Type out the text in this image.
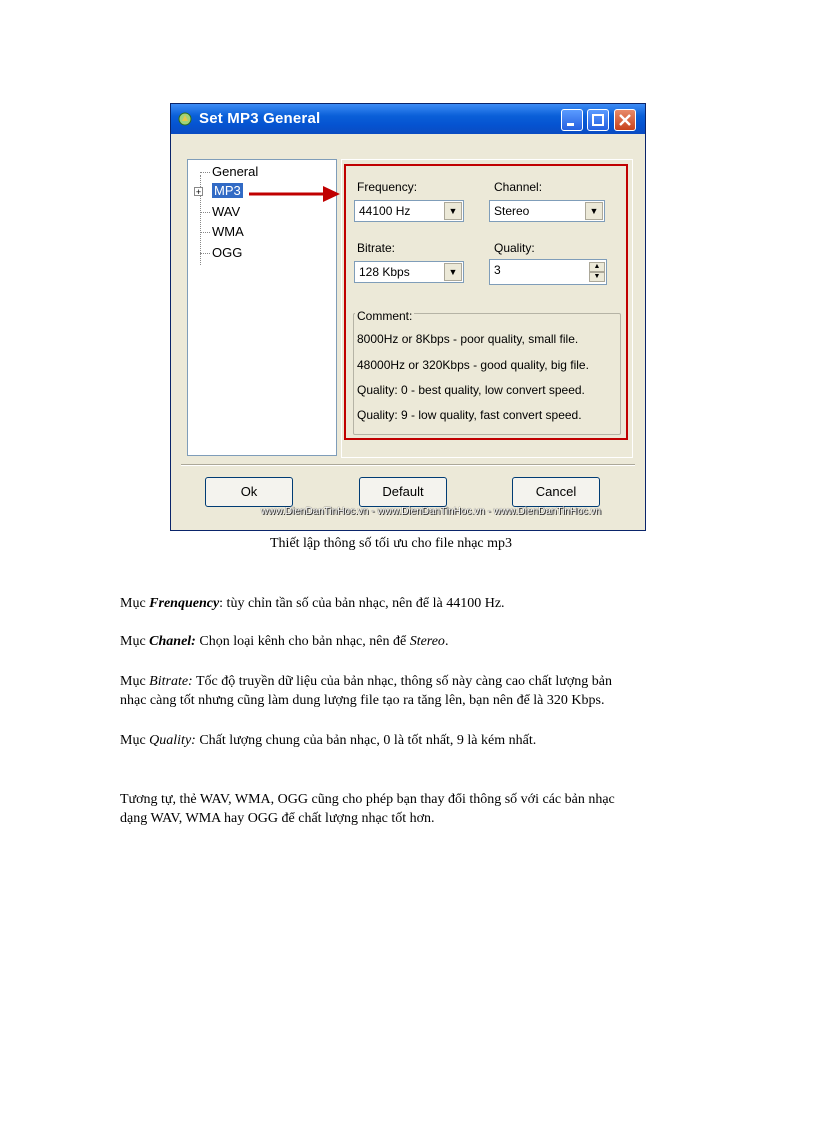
Set MP3 General
General
+ MP3
WAV
WMA
OGG
Frequency:
44100 Hz	▼
Channel:
Stereo	▼
Bitrate:
128 Kbps	▼
Quality:
3	▲
▼
Comment:
8000Hz or 8Kbps - poor quality, small file.
48000Hz or 320Kbps - good quality, big file.
Quality: 0 - best quality, low convert speed.
Quality: 9 - low quality, fast convert speed.
Ok	Default	Cancel
www.DienDanTinHoc.vn - www.DienDanTinHoc.vn - www.DienDanTinHoc.vn
Thiết lập thông số tối ưu cho file nhạc mp3
Mục Frenquency: tùy chỉn tần số của bản nhạc, nên để là 44100 Hz.
Mục Chanel: Chọn loại kênh cho bản nhạc, nên để Stereo.
Mục Bitrate: Tốc độ truyền dữ liệu của bản nhạc, thông số này càng cao chất lượng bản
nhạc càng tốt nhưng cũng làm dung lượng file tạo ra tăng lên, bạn nên để là 320 Kbps.
Mục Quality: Chất lượng chung của bản nhạc, 0 là tốt nhất, 9 là kém nhất.
Tương tự, thẻ WAV, WMA, OGG cũng cho phép bạn thay đổi thông số với các bản nhạc
dạng WAV, WMA hay OGG để chất lượng nhạc tốt hơn.
